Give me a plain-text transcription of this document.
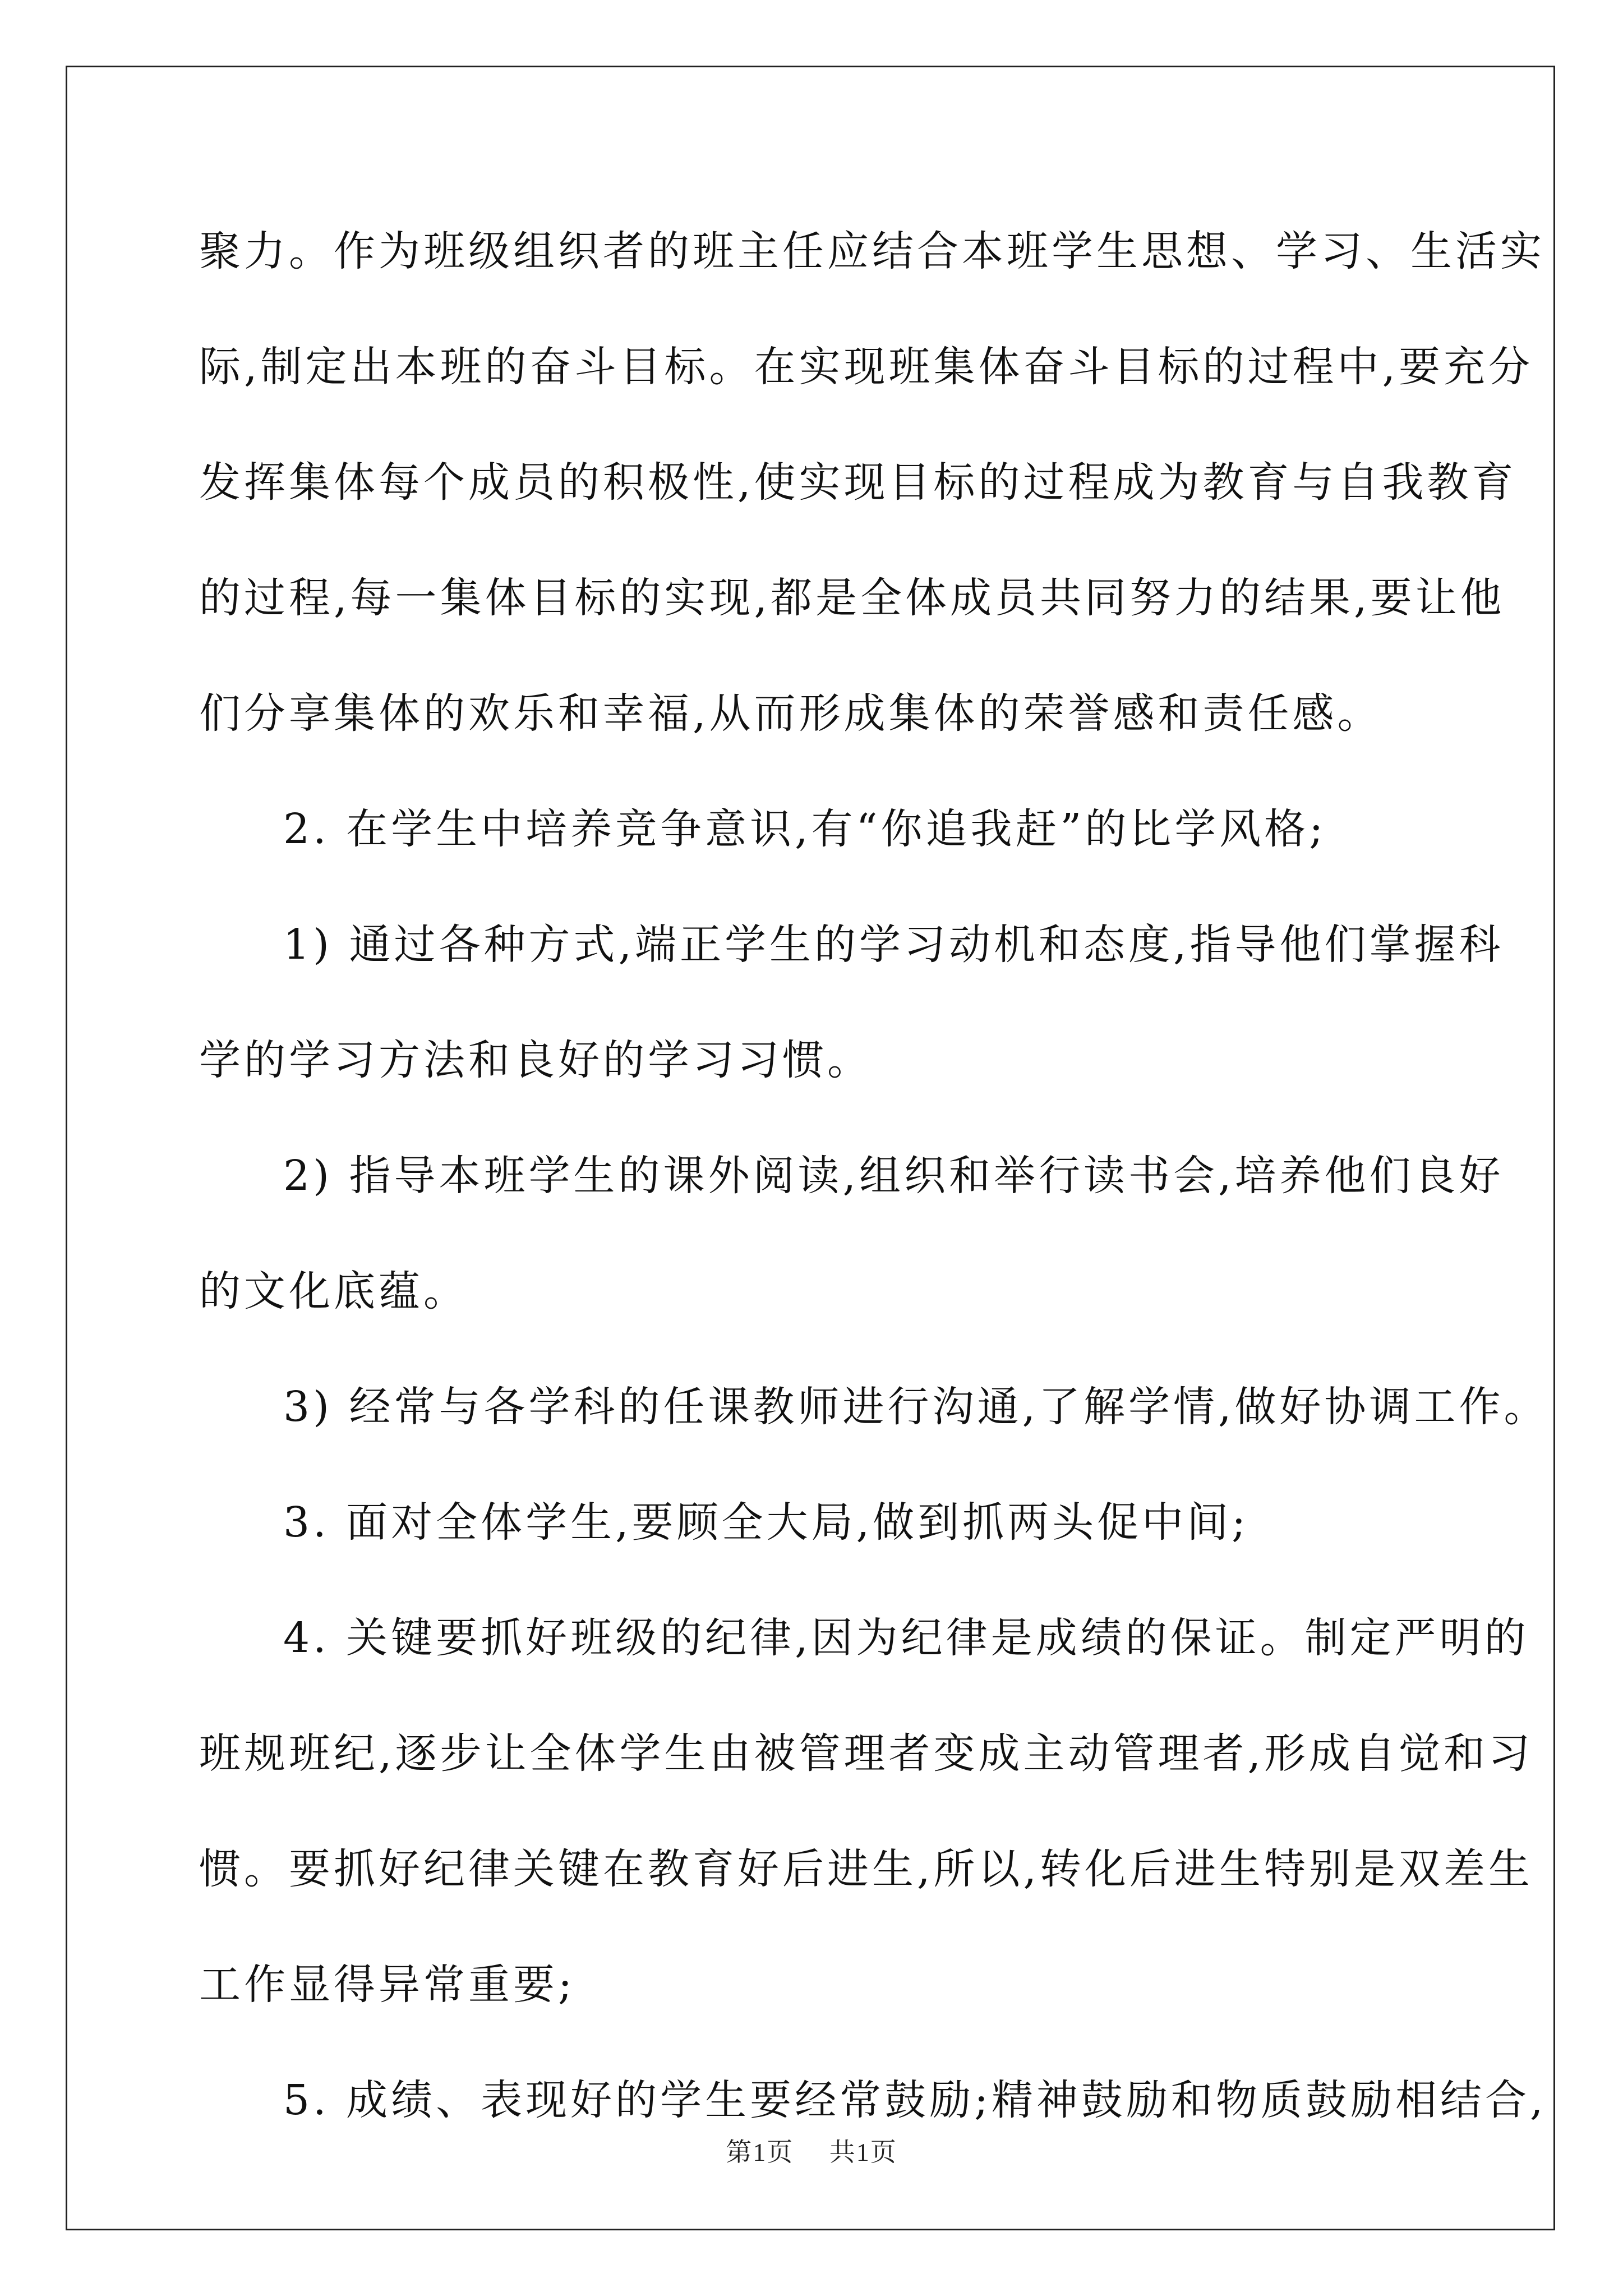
聚力。作为班级组织者的班主任应结合本班学生思想、学习、生活实
际,制定出本班的奋斗目标。在实现班集体奋斗目标的过程中,要充分
发挥集体每个成员的积极性,使实现目标的过程成为教育与自我教育
的过程,每一集体目标的实现,都是全体成员共同努力的结果,要让他
们分享集体的欢乐和幸福,从而形成集体的荣誉感和责任感。
2. 在学生中培养竞争意识,有“你追我赶”的比学风格;
1) 通过各种方式,端正学生的学习动机和态度,指导他们掌握科
学的学习方法和良好的学习习惯。
2) 指导本班学生的课外阅读,组织和举行读书会,培养他们良好
的文化底蕴。
3) 经常与各学科的任课教师进行沟通,了解学情,做好协调工作。
3. 面对全体学生,要顾全大局,做到抓两头促中间;
4. 关键要抓好班级的纪律,因为纪律是成绩的保证。制定严明的
班规班纪,逐步让全体学生由被管理者变成主动管理者,形成自觉和习
惯。要抓好纪律关键在教育好后进生,所以,转化后进生特别是双差生
工作显得异常重要;
5. 成绩、表现好的学生要经常鼓励;精神鼓励和物质鼓励相结合,
第1页 共1页
